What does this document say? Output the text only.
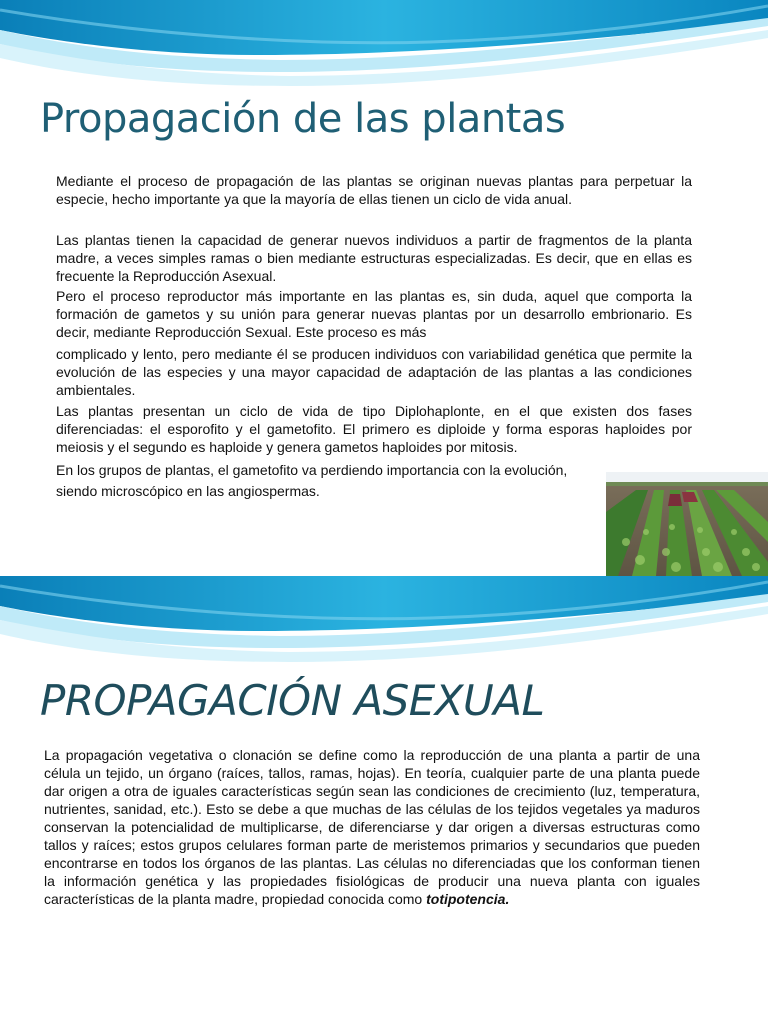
Propagación de las plantas

Mediante el proceso de propagación de las plantas se originan nuevas plantas para perpetuar la especie, hecho importante ya que la mayoría de ellas tienen un ciclo de vida anual.

Las plantas tienen la capacidad de generar nuevos individuos a partir de fragmentos de la planta madre, a veces simples ramas o bien mediante estructuras especializadas. Es decir, que en ellas es frecuente la Reproducción Asexual.

Pero el proceso reproductor más importante en las plantas es, sin duda, aquel que comporta la formación de gametos y su unión para generar nuevas plantas por un desarrollo embrionario. Es decir, mediante Reproducción Sexual. Este proceso es más

complicado y lento, pero mediante él se producen individuos con variabilidad genética que permite la evolución de las especies y una mayor capacidad de adaptación de las plantas a las condiciones ambientales.

Las plantas presentan un ciclo de vida de tipo Diplohaplonte, en el que existen dos fases diferenciadas: el esporofito y el gametofito. El primero es diploide y forma esporas haploides por meiosis y el segundo es haploide y genera gametos haploides por mitosis.

En los grupos de plantas, el gametofito va perdiendo importancia con la evolución,

siendo microscópico en las angiospermas.

PROPAGACIÓN ASEXUAL

La propagación vegetativa o clonación se define como la reproducción de una planta a partir de una célula un tejido, un órgano (raíces, tallos, ramas, hojas). En teoría, cualquier parte de una planta puede dar origen a otra de iguales características según sean las condiciones de crecimiento (luz, temperatura, nutrientes, sanidad, etc.). Esto se debe a que muchas de las células de los tejidos vegetales ya maduros conservan la potencialidad de multiplicarse, de diferenciarse y dar origen a diversas estructuras como tallos y raíces; estos grupos celulares forman parte de meristemos primarios y secundarios que pueden encontrarse en todos los órganos de las plantas. Las células no diferenciadas que los conforman tienen la información genética y las propiedades fisiológicas de producir una nueva planta con iguales características de la planta madre, propiedad conocida como totipotencia.
